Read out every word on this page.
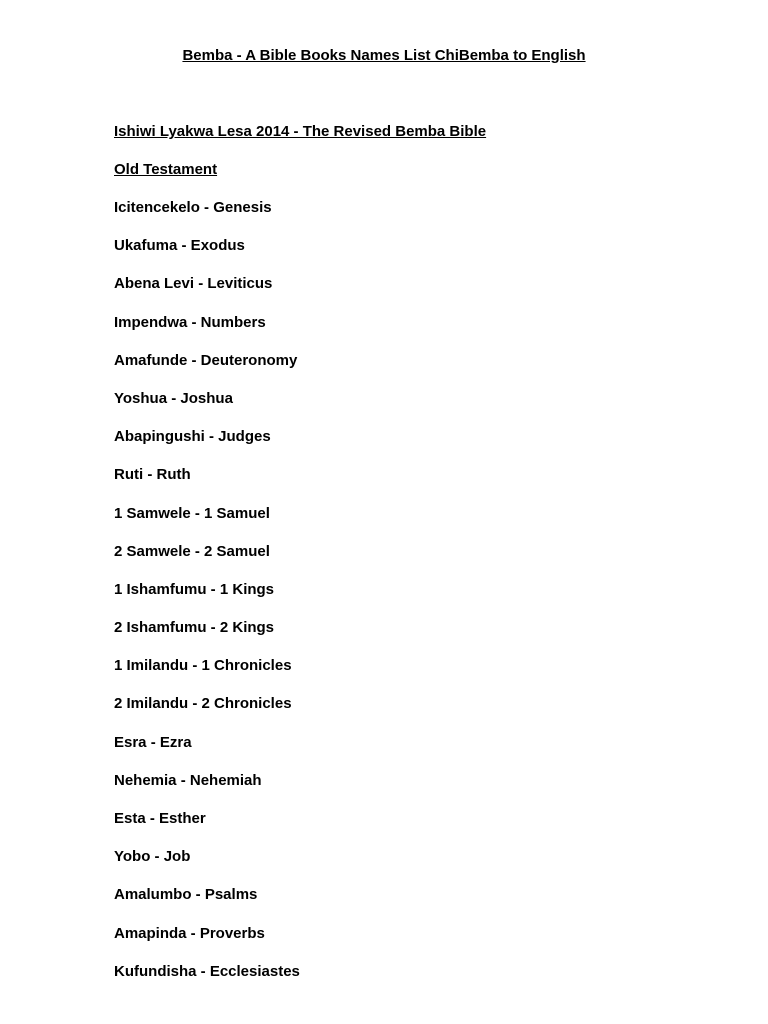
Bemba - A Bible Books Names List ChiBemba to English
Ishiwi Lyakwa Lesa 2014 - The Revised Bemba Bible
Old Testament
Icitencekelo - Genesis
Ukafuma - Exodus
Abena Levi - Leviticus
Impendwa - Numbers
Amafunde - Deuteronomy
Yoshua - Joshua
Abapingushi - Judges
Ruti - Ruth
1 Samwele - 1 Samuel
2 Samwele - 2 Samuel
1 Ishamfumu - 1 Kings
2 Ishamfumu - 2 Kings
1 Imilandu - 1 Chronicles
2 Imilandu - 2 Chronicles
Esra - Ezra
Nehemia - Nehemiah
Esta - Esther
Yobo - Job
Amalumbo - Psalms
Amapinda - Proverbs
Kufundisha - Ecclesiastes
